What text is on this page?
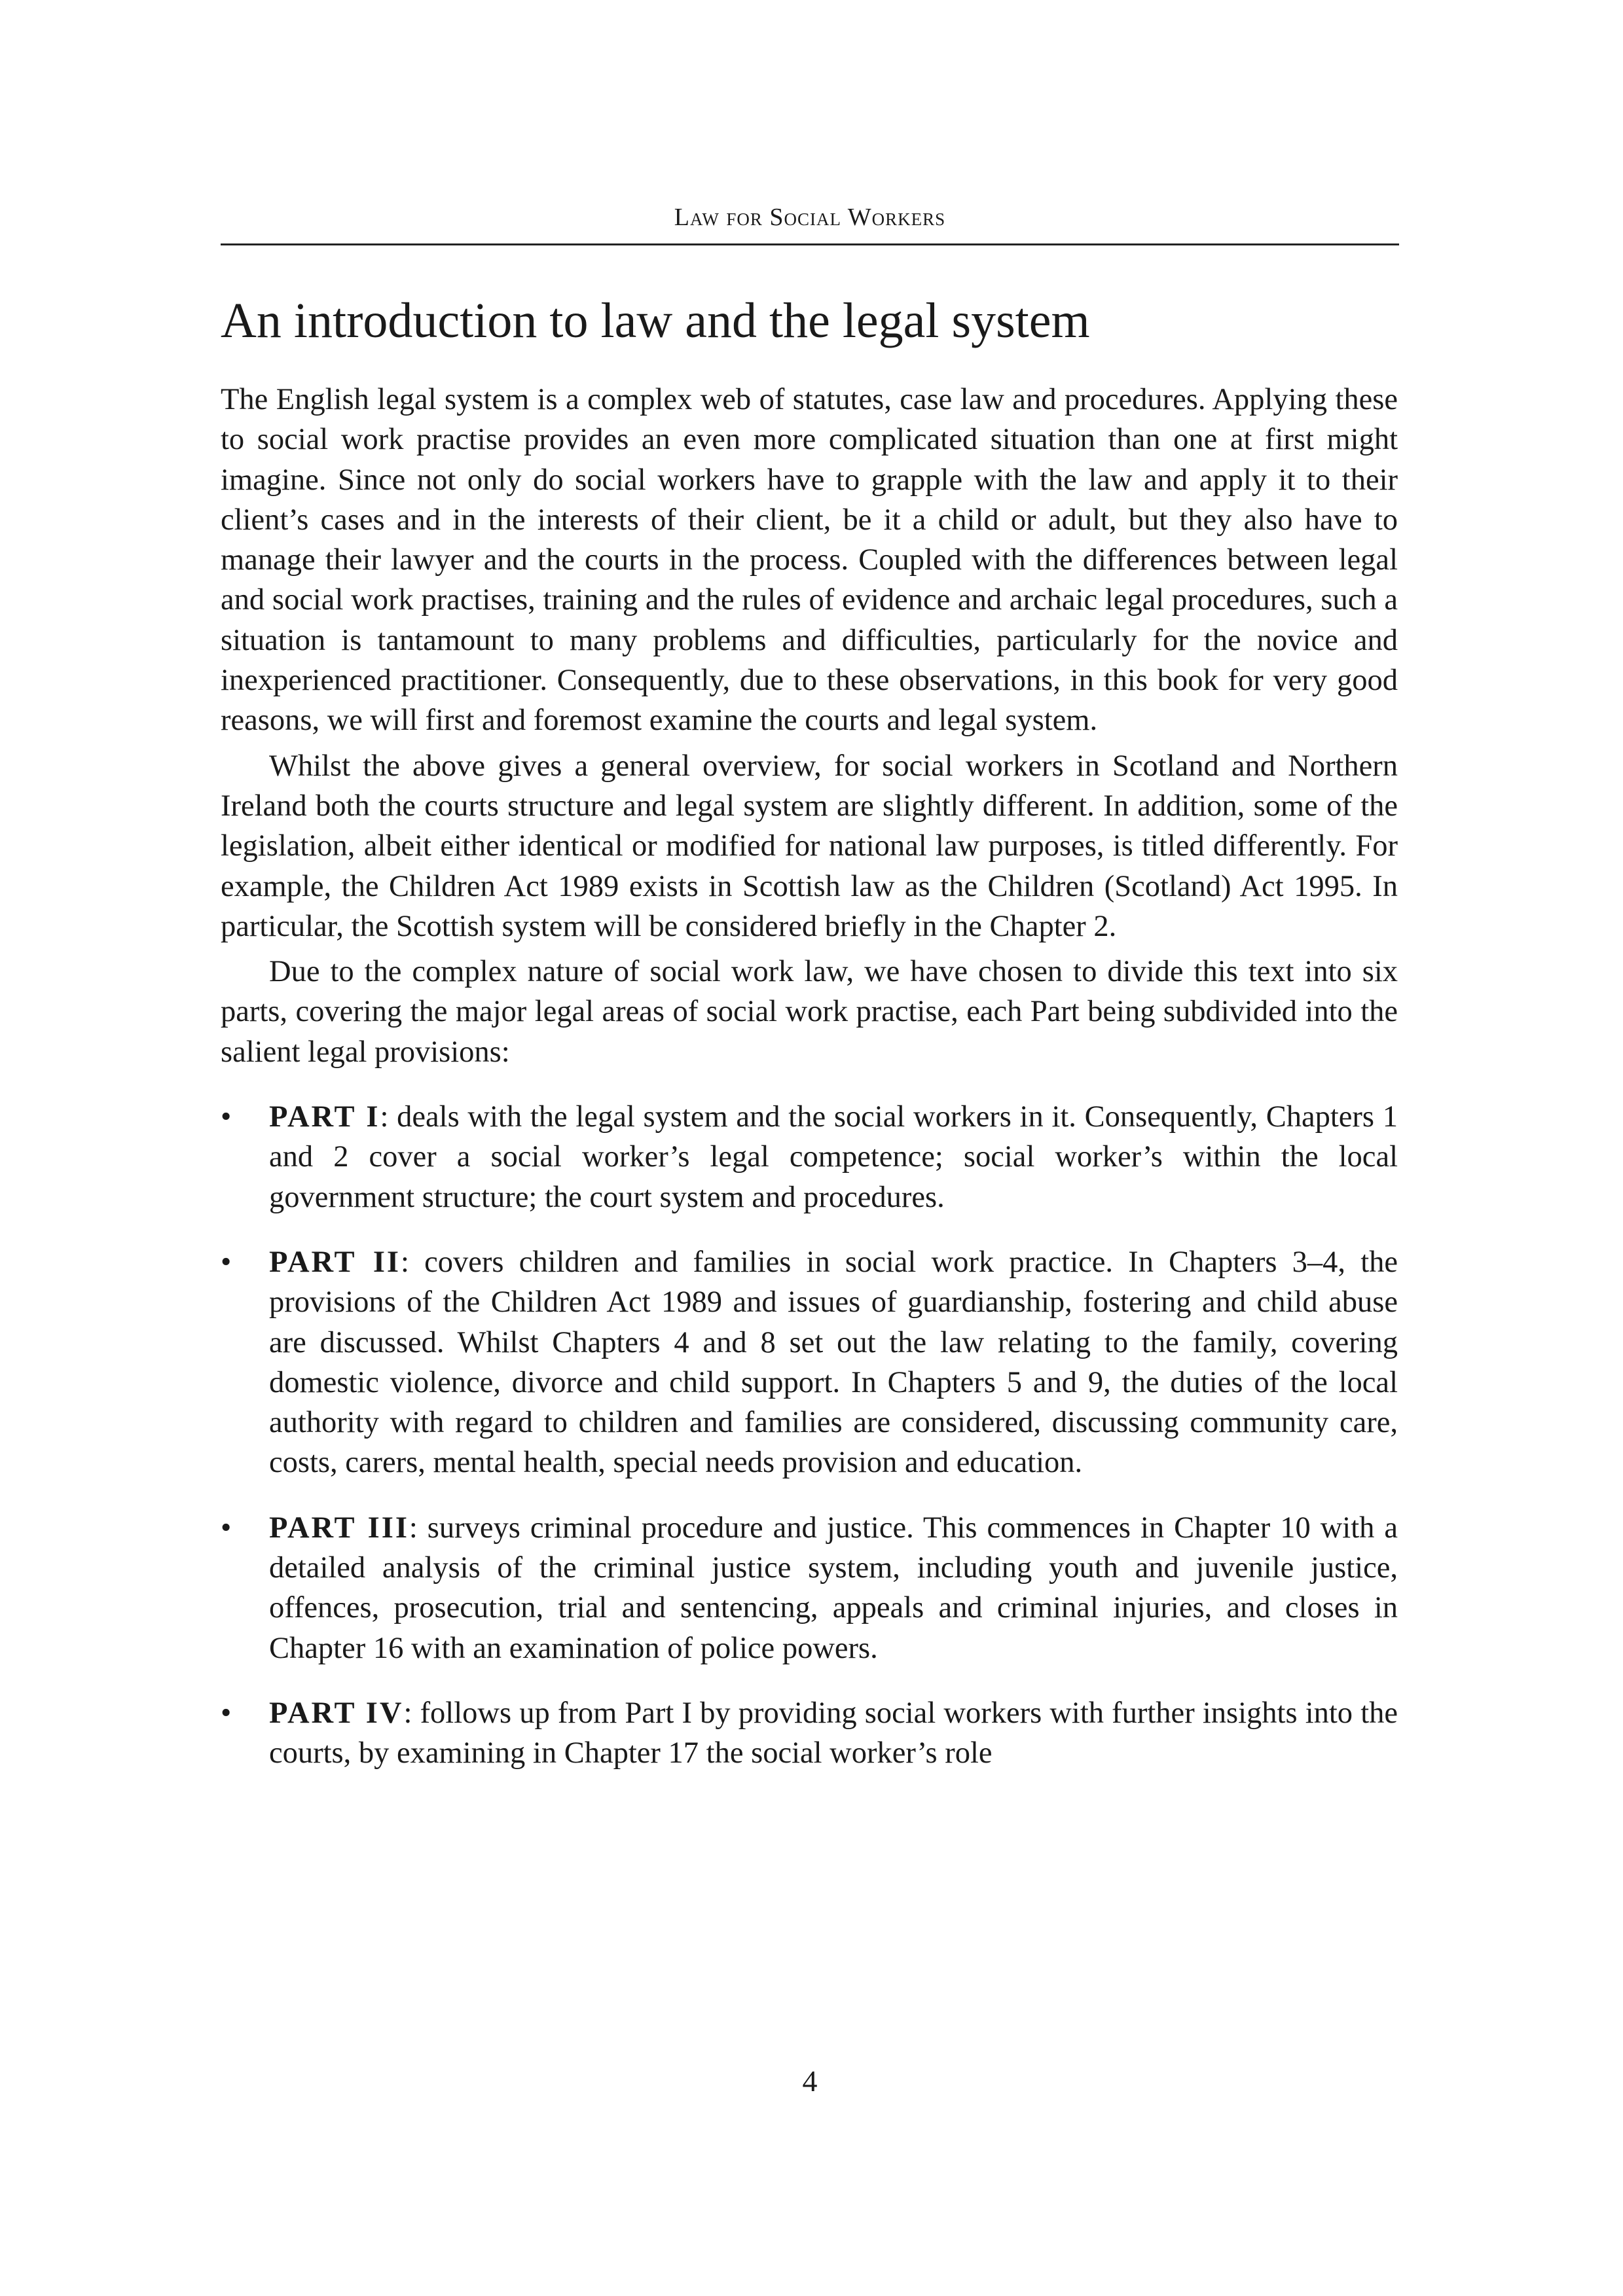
Law for Social Workers
An introduction to law and the legal system

The English legal system is a complex web of statutes, case law and procedures. Applying these to social work practise provides an even more complicated situation than one at first might imagine. Since not only do social workers have to grapple with the law and apply it to their client’s cases and in the interests of their client, be it a child or adult, but they also have to manage their lawyer and the courts in the process. Coupled with the differences between legal and social work practises, training and the rules of evidence and archaic legal procedures, such a situation is tantamount to many problems and difficulties, particularly for the novice and inexperienced practitioner. Consequently, due to these observations, in this book for very good reasons, we will first and foremost examine the courts and legal system.

Whilst the above gives a general overview, for social workers in Scotland and Northern Ireland both the courts structure and legal system are slightly different. In addition, some of the legislation, albeit either identical or modified for national law purposes, is titled differently. For example, the Children Act 1989 exists in Scottish law as the Children (Scotland) Act 1995. In particular, the Scottish system will be considered briefly in the Chapter 2.

Due to the complex nature of social work law, we have chosen to divide this text into six parts, covering the major legal areas of social work practise, each Part being subdivided into the salient legal provisions:

• PART I: deals with the legal system and the social workers in it. Consequently, Chapters 1 and 2 cover a social worker’s legal competence; social worker’s within the local government structure; the court system and procedures.
• PART II: covers children and families in social work practice. In Chapters 3–4, the provisions of the Children Act 1989 and issues of guardianship, fostering and child abuse are discussed. Whilst Chapters 4 and 8 set out the law relating to the family, covering domestic violence, divorce and child support. In Chapters 5 and 9, the duties of the local authority with regard to children and families are considered, discussing community care, costs, carers, mental health, special needs provision and education.
• PART III: surveys criminal procedure and justice. This commences in Chapter 10 with a detailed analysis of the criminal justice system, including youth and juvenile justice, offences, prosecution, trial and sentencing, appeals and criminal injuries, and closes in Chapter 16 with an examination of police powers.
• PART IV: follows up from Part I by providing social workers with further insights into the courts, by examining in Chapter 17 the social worker’s role
4
